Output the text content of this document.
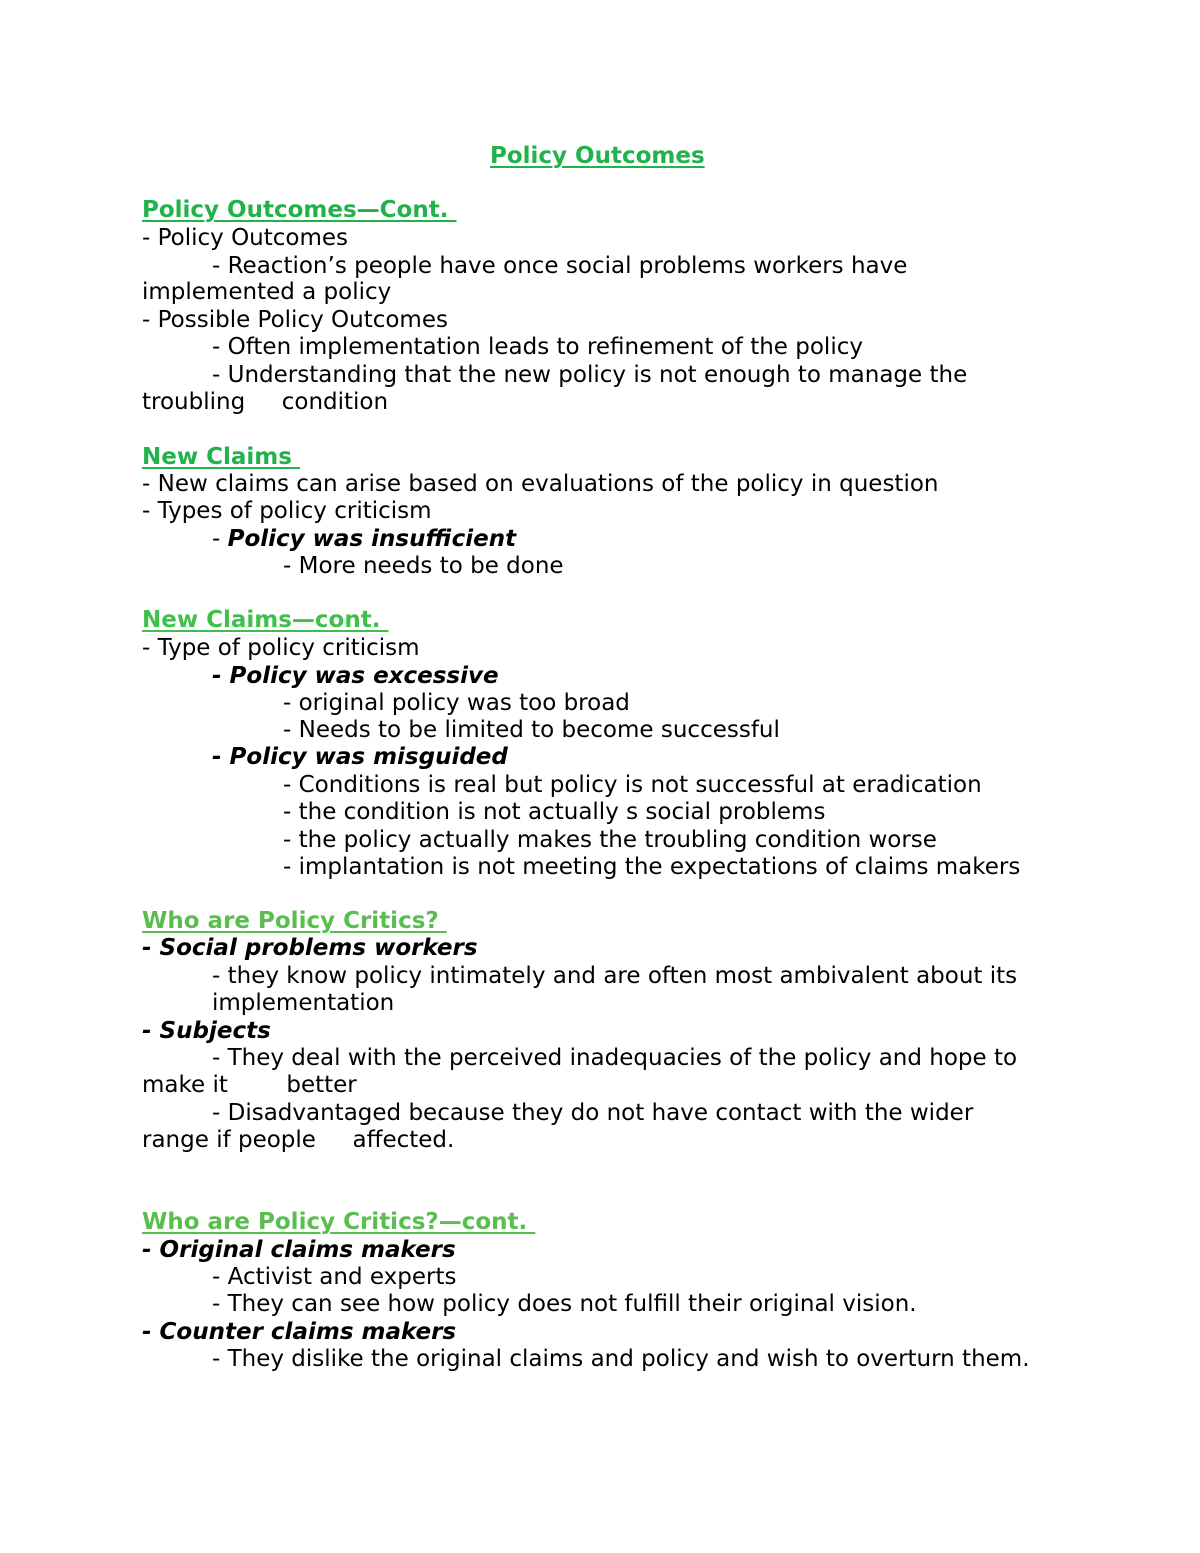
Policy Outcomes
Policy Outcomes—Cont.
- Policy Outcomes
- Reaction’s people have once social problems workers have
implemented a policy
- Possible Policy Outcomes
- Often implementation leads to refinement of the policy
- Understanding that the new policy is not enough to manage the
troubling     condition
New Claims
- New claims can arise based on evaluations of the policy in question
- Types of policy criticism
- Policy was insufficient
- More needs to be done
New Claims—cont.
- Type of policy criticism
- Policy was excessive
- original policy was too broad
- Needs to be limited to become successful
- Policy was misguided
- Conditions is real but policy is not successful at eradication
- the condition is not actually s social problems
- the policy actually makes the troubling condition worse
- implantation is not meeting the expectations of claims makers
Who are Policy Critics?
- Social problems workers
- they know policy intimately and are often most ambivalent about its
implementation
- Subjects
- They deal with the perceived inadequacies of the policy and hope to
make it        better
- Disadvantaged because they do not have contact with the wider
range if people     affected.
Who are Policy Critics?—cont.
- Original claims makers
- Activist and experts
- They can see how policy does not fulfill their original vision.
- Counter claims makers
- They dislike the original claims and policy and wish to overturn them.
